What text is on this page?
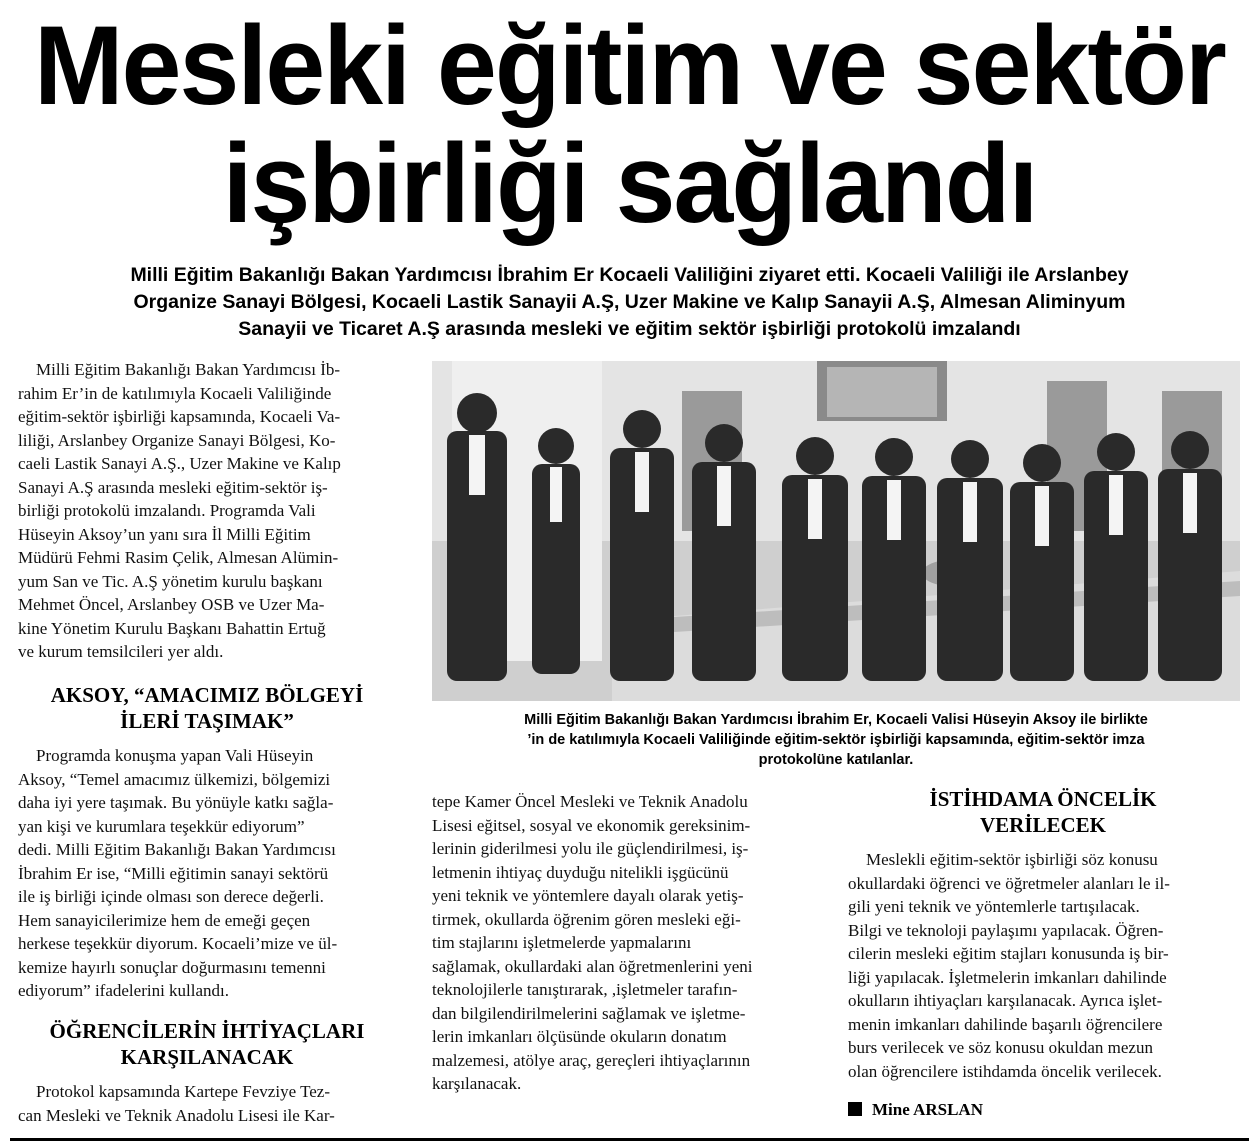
Mesleki eğitim ve sektör
işbirliği sağlandı
Milli Eğitim Bakanlığı Bakan Yardımcısı İbrahim Er Kocaeli Valiliğini ziyaret etti. Kocaeli Valiliği ile Arslanbey
Organize Sanayi Bölgesi, Kocaeli Lastik Sanayii A.Ş, Uzer Makine ve Kalıp Sanayii A.Ş, Almesan Aliminyum
Sanayii ve Ticaret A.Ş arasında mesleki ve eğitim sektör işbirliği protokolü imzalandı
Milli Eğitim Bakanlığı Bakan Yardımcısı İb-
rahim Er’in de katılımıyla Kocaeli Valiliğinde
eğitim-sektör işbirliği kapsamında, Kocaeli Va-
liliği, Arslanbey Organize Sanayi Bölgesi, Ko-
caeli Lastik Sanayi A.Ş., Uzer Makine ve Kalıp
Sanayi A.Ş arasında mesleki eğitim-sektör iş-
birliği protokolü imzalandı. Programda Vali
Hüseyin Aksoy’un yanı sıra İl Milli Eğitim
Müdürü Fehmi Rasim Çelik, Almesan Alümin-
yum San ve Tic. A.Ş yönetim kurulu başkanı
Mehmet Öncel, Arslanbey OSB ve Uzer Ma-
kine Yönetim Kurulu Başkanı Bahattin Ertuğ
ve kurum temsilcileri yer aldı.
AKSOY, “AMACIMIZ BÖLGEYİ
İLERİ TAŞIMAK”
Programda konuşma yapan Vali Hüseyin
Aksoy, “Temel amacımız ülkemizi, bölgemizi
daha iyi yere taşımak. Bu yönüyle katkı sağla-
yan kişi ve kurumlara teşekkür ediyorum”
dedi. Milli Eğitim Bakanlığı Bakan Yardımcısı
İbrahim Er ise, “Milli eğitimin sanayi sektörü
ile iş birliği içinde olması son derece değerli.
Hem sanayicilerimize hem de emeği geçen
herkese teşekkür diyorum. Kocaeli’mize ve ül-
kemize hayırlı sonuçlar doğurmasını temenni
ediyorum” ifadelerini kullandı.
ÖĞRENCİLERİN İHTİYAÇLARI
KARŞILANACAK
Protokol kapsamında Kartepe Fevziye Tez-
can Mesleki ve Teknik Anadolu Lisesi ile Kar-
Milli Eğitim Bakanlığı Bakan Yardımcısı İbrahim Er, Kocaeli Valisi Hüseyin Aksoy ile birlikte
’in de katılımıyla Kocaeli Valiliğinde eğitim-sektör işbirliği kapsamında, eğitim-sektör imza
protokolüne katılanlar.
tepe Kamer Öncel Mesleki ve Teknik Anadolu
Lisesi eğitsel, sosyal ve ekonomik gereksinim-
lerinin giderilmesi yolu ile güçlendirilmesi, iş-
letmenin ihtiyaç duyduğu nitelikli işgücünü
yeni teknik ve yöntemlere dayalı olarak yetiş-
tirmek, okullarda öğrenim gören mesleki eği-
tim stajlarını işletmelerde yapmalarını
sağlamak, okullardaki alan öğretmenlerini yeni
teknolojilerle tanıştırarak, ,işletmeler tarafın-
dan bilgilendirilmelerini sağlamak ve işletme-
lerin imkanları ölçüsünde okuların donatım
malzemesi, atölye araç, gereçleri ihtiyaçlarının
karşılanacak.
İSTİHDAMA ÖNCELİK
VERİLECEK
Meslekli eğitim-sektör işbirliği söz konusu
okullardaki öğrenci ve öğretmeler alanları le il-
gili yeni teknik ve yöntemlerle tartışılacak.
Bilgi ve teknoloji paylaşımı yapılacak. Öğren-
cilerin mesleki eğitim stajları konusunda iş bir-
liği yapılacak. İşletmelerin imkanları dahilinde
okulların ihtiyaçları karşılanacak. Ayrıca işlet-
menin imkanları dahilinde başarılı öğrencilere
burs verilecek ve söz konusu okuldan mezun
olan öğrencilere istihdamda öncelik verilecek.
Mine ARSLAN
